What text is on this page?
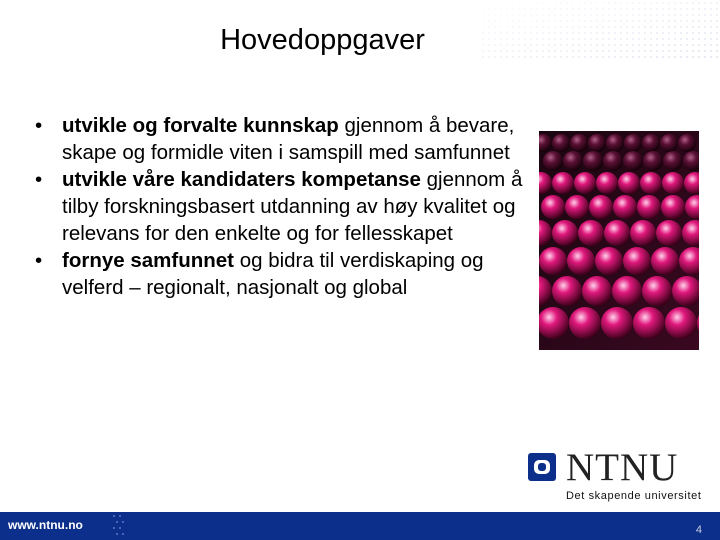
Hovedoppgaver
• utvikle og forvalte kunnskap gjennom å bevare, skape og formidle viten i samspill med samfunnet
• utvikle våre kandidaters kompetanse gjennom å tilby forskningsbasert utdanning av høy kvalitet og relevans for den enkelte og for fellesskapet
• fornye samfunnet og bidra til verdiskaping og velferd – regionalt, nasjonalt og global
NTNU
Det skapende universitet
www.ntnu.no	4
